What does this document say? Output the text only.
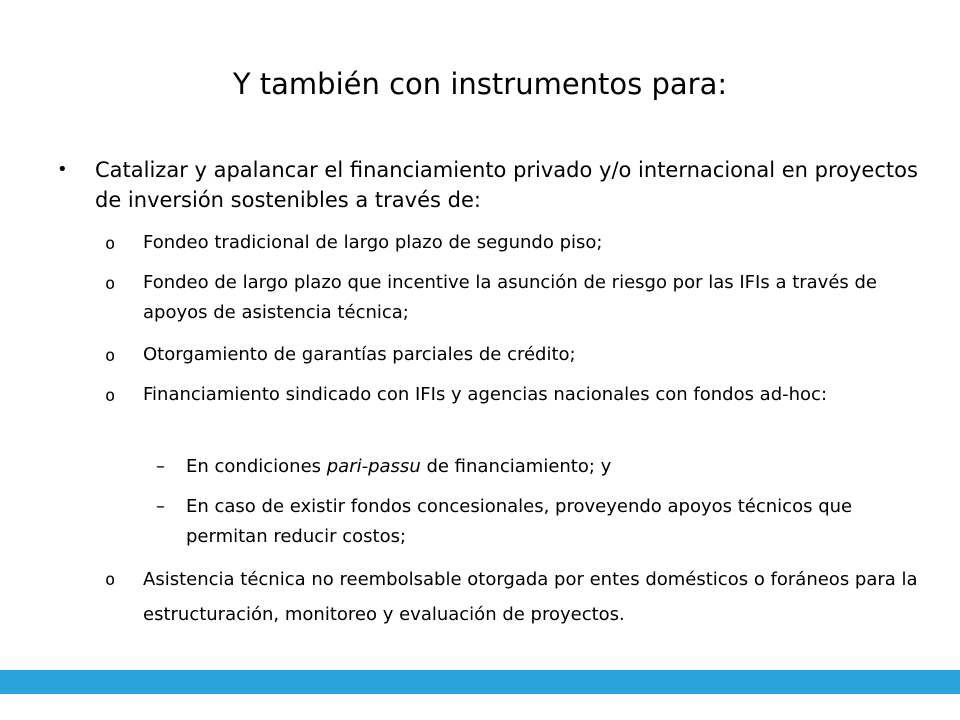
Y también con instrumentos para:
• Catalizar y apalancar el financiamiento privado y/o internacional en proyectos de inversión sostenibles a través de:
o Fondeo tradicional de largo plazo de segundo piso;
o Fondeo de largo plazo que incentive la asunción de riesgo por las IFIs a través de apoyos de asistencia técnica;
o Otorgamiento de garantías parciales de crédito;
o Financiamiento sindicado con IFIs y agencias nacionales con fondos ad-hoc:
– En condiciones pari-passu de financiamiento; y
– En caso de existir fondos concesionales, proveyendo apoyos técnicos que permitan reducir costos;
o Asistencia técnica no reembolsable otorgada por entes domésticos o foráneos para la estructuración, monitoreo y evaluación de proyectos.
